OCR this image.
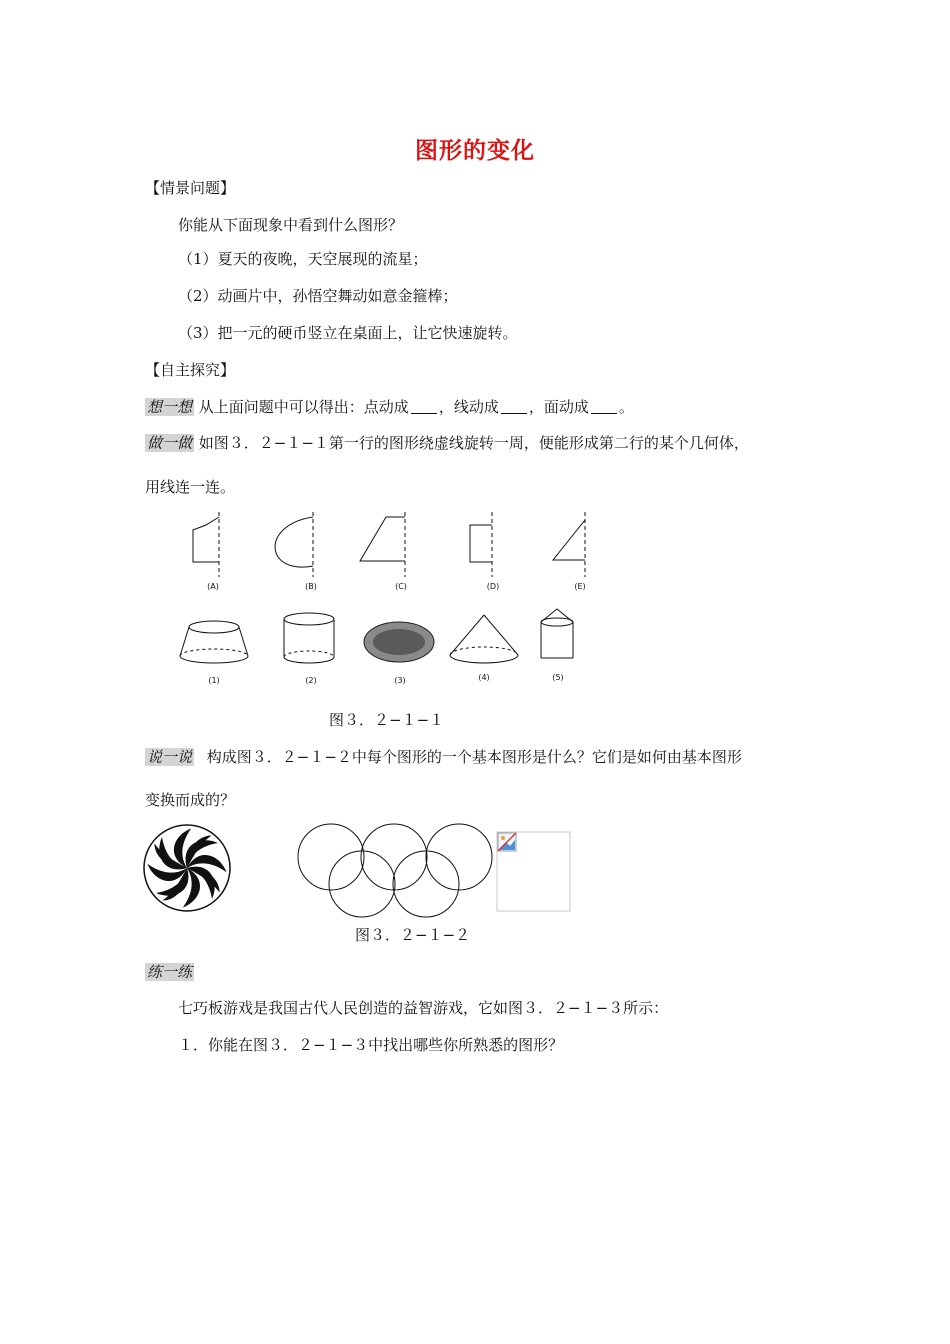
图形的变化
【情景问题】
你能从下面现象中看到什么图形？
（1）夏天的夜晚，天空展现的流星；
（2）动画片中，孙悟空舞动如意金箍棒；
（3）把一元的硬币竖立在桌面上，让它快速旋转。
【自主探究】
想一想 从上面问题中可以得出：点动成 ，线动成 ，面动成 。
做一做 如图３．２−１−１第一行的图形绕虚线旋转一周，便能形成第二行的某个几何体，
用线连一连。
(A)	(B)	(C)	(D)	(E)
(1)	(2)	(3)	(4)	(5)
图３．２−１−１
说一说 构成图３．２−１−２中每个图形的一个基本图形是什么？它们是如何由基本图形
变换而成的？
图３．２−１−２
练一练
七巧板游戏是我国古代人民创造的益智游戏，它如图３．２−１−３所示：
１．你能在图３．２−１−３中找出哪些你所熟悉的图形？
